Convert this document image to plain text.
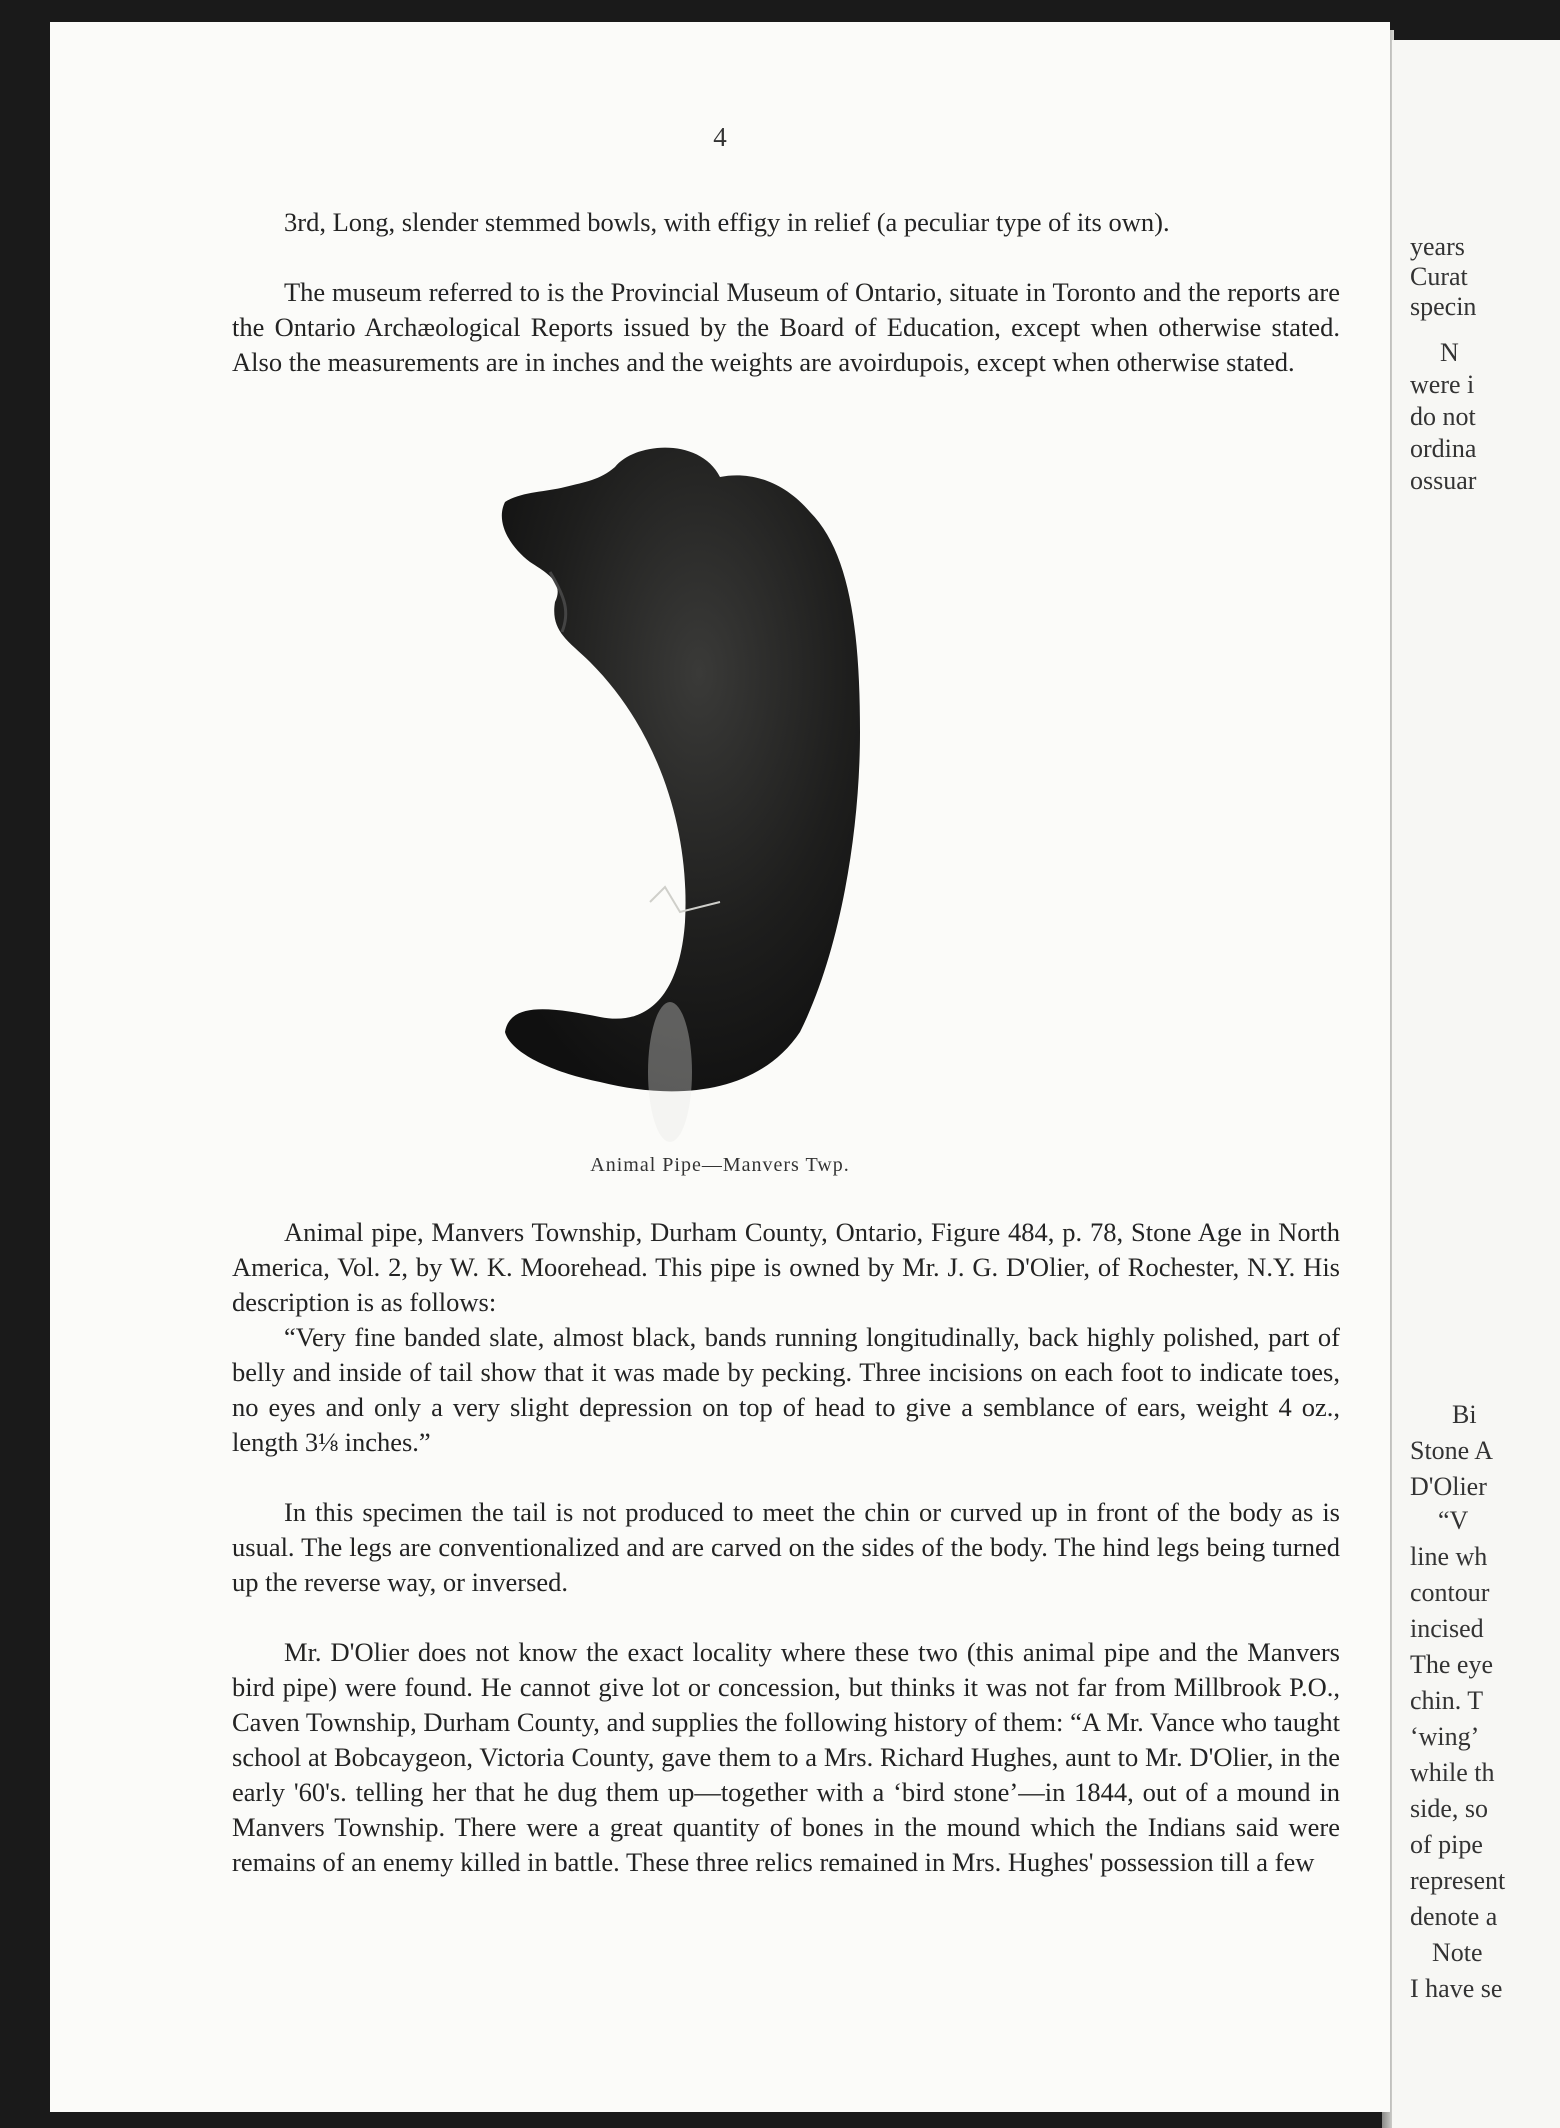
4

3rd, Long, slender stemmed bowls, with effigy in relief (a peculiar type of its own).

The museum referred to is the Provincial Museum of Ontario, situate in Toronto and the reports are the Ontario Archæological Reports issued by the Board of Education, except when otherwise stated. Also the measurements are in inches and the weights are avoirdupois, except when otherwise stated.

Animal Pipe—Manvers Twp.

Animal pipe, Manvers Township, Durham County, Ontario, Figure 484, p. 78, Stone Age in North America, Vol. 2, by W. K. Moorehead. This pipe is owned by Mr. J. G. D'Olier, of Rochester, N.Y. His description is as follows:

“Very fine banded slate, almost black, bands running longitudinally, back highly polished, part of belly and inside of tail show that it was made by pecking. Three incisions on each foot to indicate toes, no eyes and only a very slight depression on top of head to give a semblance of ears, weight 4 oz., length 3⅛ inches.”

In this specimen the tail is not produced to meet the chin or curved up in front of the body as is usual. The legs are conventionalized and are carved on the sides of the body. The hind legs being turned up the reverse way, or inversed.

Mr. D'Olier does not know the exact locality where these two (this animal pipe and the Manvers bird pipe) were found. He cannot give lot or concession, but thinks it was not far from Millbrook P.O., Caven Township, Durham County, and supplies the following history of them: “A Mr. Vance who taught school at Bobcaygeon, Victoria County, gave them to a Mrs. Richard Hughes, aunt to Mr. D'Olier, in the early '60's. telling her that he dug them up—together with a ‘bird stone’—in 1844, out of a mound in Manvers Township. There were a great quantity of bones in the mound which the Indians said were remains of an enemy killed in battle. These three relics remained in Mrs. Hughes' possession till a few

years
Curat
specin
N
were i
do not
ordina
ossuar
Bi
Stone A
D'Olier
“V
line wh
contour
incised
The eye
chin. T
‘wing’
while th
side, so
of pipe
represent
denote a
Note
I have se
